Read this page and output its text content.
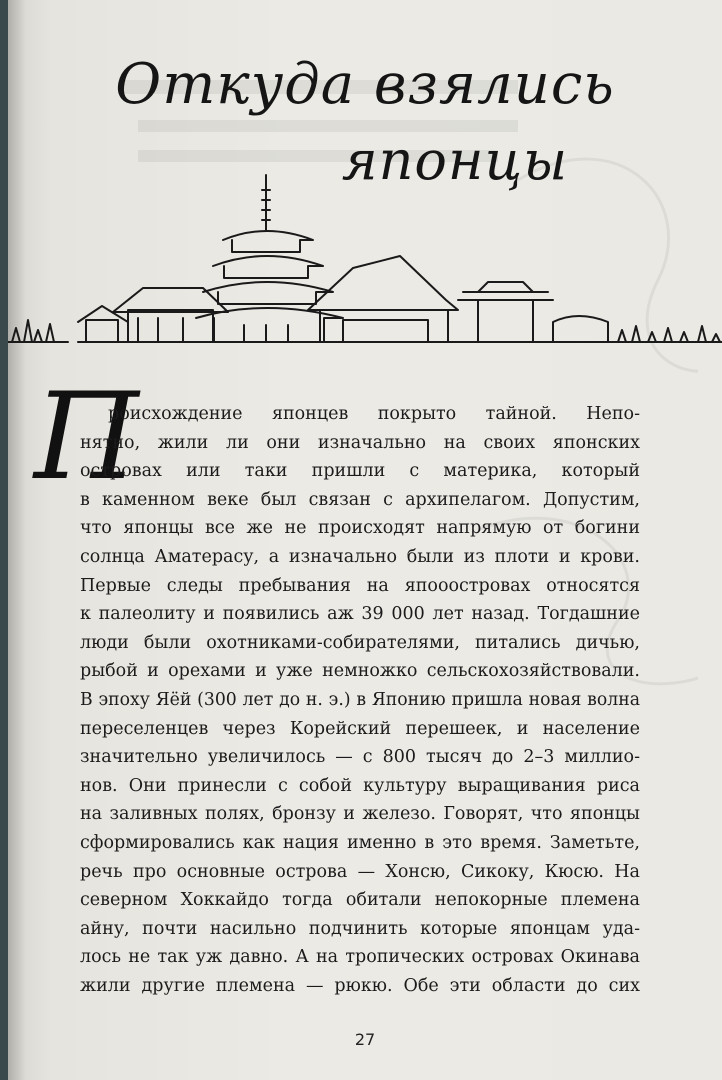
Откуда взялись
японцы
П
роисхождение японцев покрыто тайной. Непо-
нятно, жили ли они изначально на своих японских
островах или таки пришли с материка, который
в каменном веке был связан с архипелагом. Допустим,
что японцы все же не происходят напрямую от богини
солнца Аматерасу, а изначально были из плоти и крови.
Первые следы пребывания на япооостровах относятся
к палеолиту и появились аж 39 000 лет назад. Тогдашние
люди были охотниками-собирателями, питались дичью,
рыбой и орехами и уже немножко сельскохозяйствовали.
В эпоху Яёй (300 лет до н. э.) в Японию пришла новая волна
переселенцев через Корейский перешеек, и население
значительно увеличилось — с 800 тысяч до 2–3 миллио-
нов. Они принесли с собой культуру выращивания риса
на заливных полях, бронзу и железо. Говорят, что японцы
сформировались как нация именно в это время. Заметьте,
речь про основные острова — Хонсю, Сикоку, Кюсю. На
северном Хоккайдо тогда обитали непокорные племена
айну, почти насильно подчинить которые японцам уда-
лось не так уж давно. А на тропических островах Окинава
жили другие племена — рюкю. Обе эти области до сих
27
